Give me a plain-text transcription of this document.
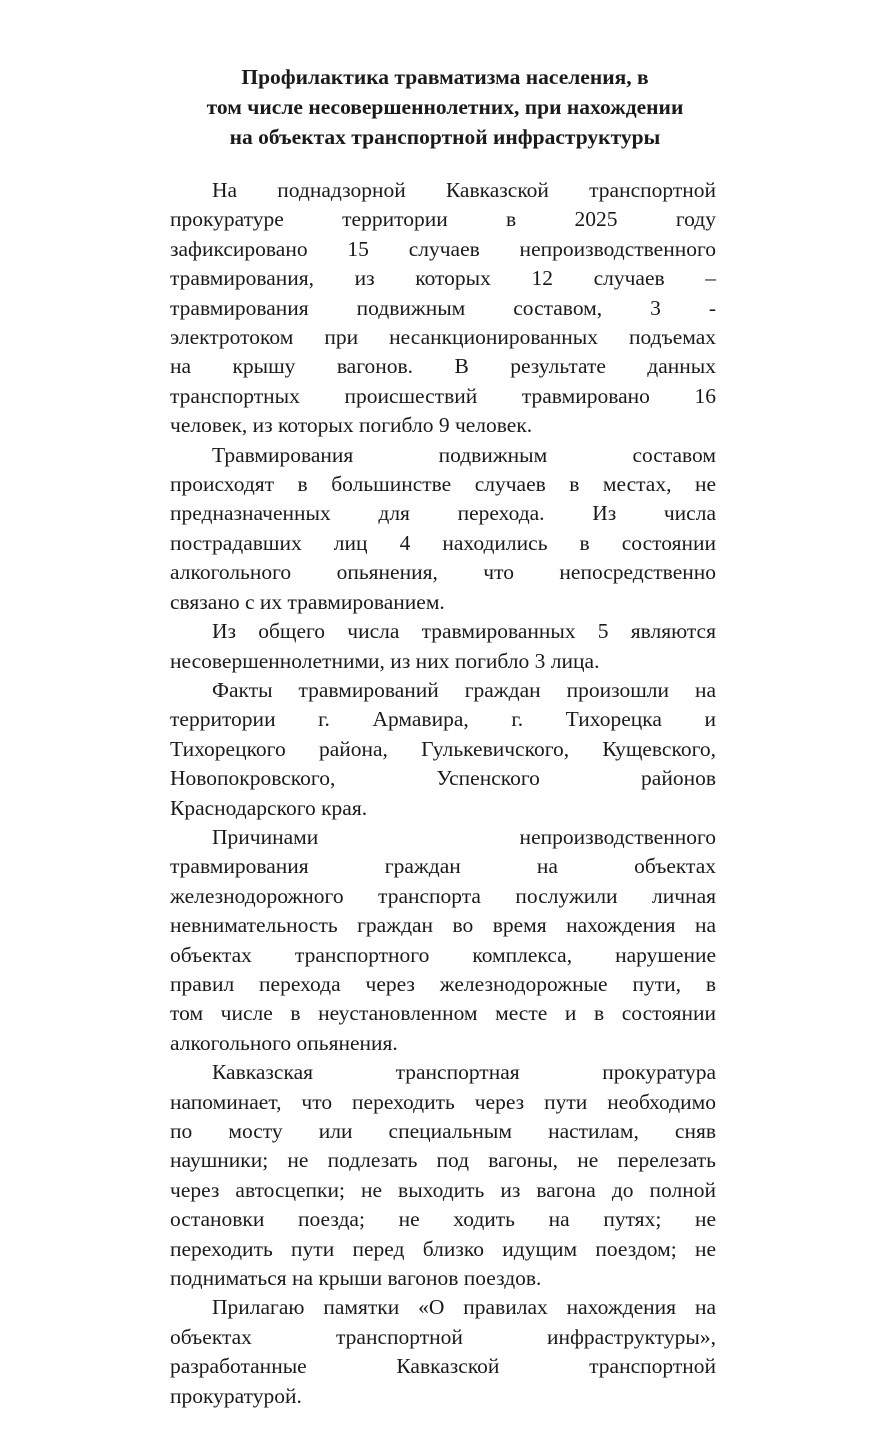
Профилактика травматизма населения, в
том числе несовершеннолетних, при нахождении
на объектах транспортной инфраструктуры
На поднадзорной Кавказской транспортной
прокуратуре территории в 2025 году
зафиксировано 15 случаев непроизводственного
травмирования, из которых 12 случаев –
травмирования подвижным составом, 3 -
электротоком при несанкционированных подъемах
на крышу вагонов. В результате данных
транспортных происшествий травмировано 16
человек, из которых погибло 9 человек.
Травмирования подвижным составом
происходят в большинстве случаев в местах, не
предназначенных для перехода. Из числа
пострадавших лиц 4 находились в состоянии
алкогольного опьянения, что непосредственно
связано с их травмированием.
Из общего числа травмированных 5 являются
несовершеннолетними, из них погибло 3 лица.
Факты травмирований граждан произошли на
территории г. Армавира, г. Тихорецка и
Тихорецкого района, Гулькевичского, Кущевского,
Новопокровского, Успенского районов
Краснодарского края.
Причинами непроизводственного
травмирования граждан на объектах
железнодорожного транспорта послужили личная
невнимательность граждан во время нахождения на
объектах транспортного комплекса, нарушение
правил перехода через железнодорожные пути, в
том числе в неустановленном месте и в состоянии
алкогольного опьянения.
Кавказская транспортная прокуратура
напоминает, что переходить через пути необходимо
по мосту или специальным настилам, сняв
наушники; не подлезать под вагоны, не перелезать
через автосцепки; не выходить из вагона до полной
остановки поезда; не ходить на путях; не
переходить пути перед близко идущим поездом; не
подниматься на крыши вагонов поездов.
Прилагаю памятки «О правилах нахождения на
объектах транспортной инфраструктуры»,
разработанные Кавказской транспортной
прокуратурой.
